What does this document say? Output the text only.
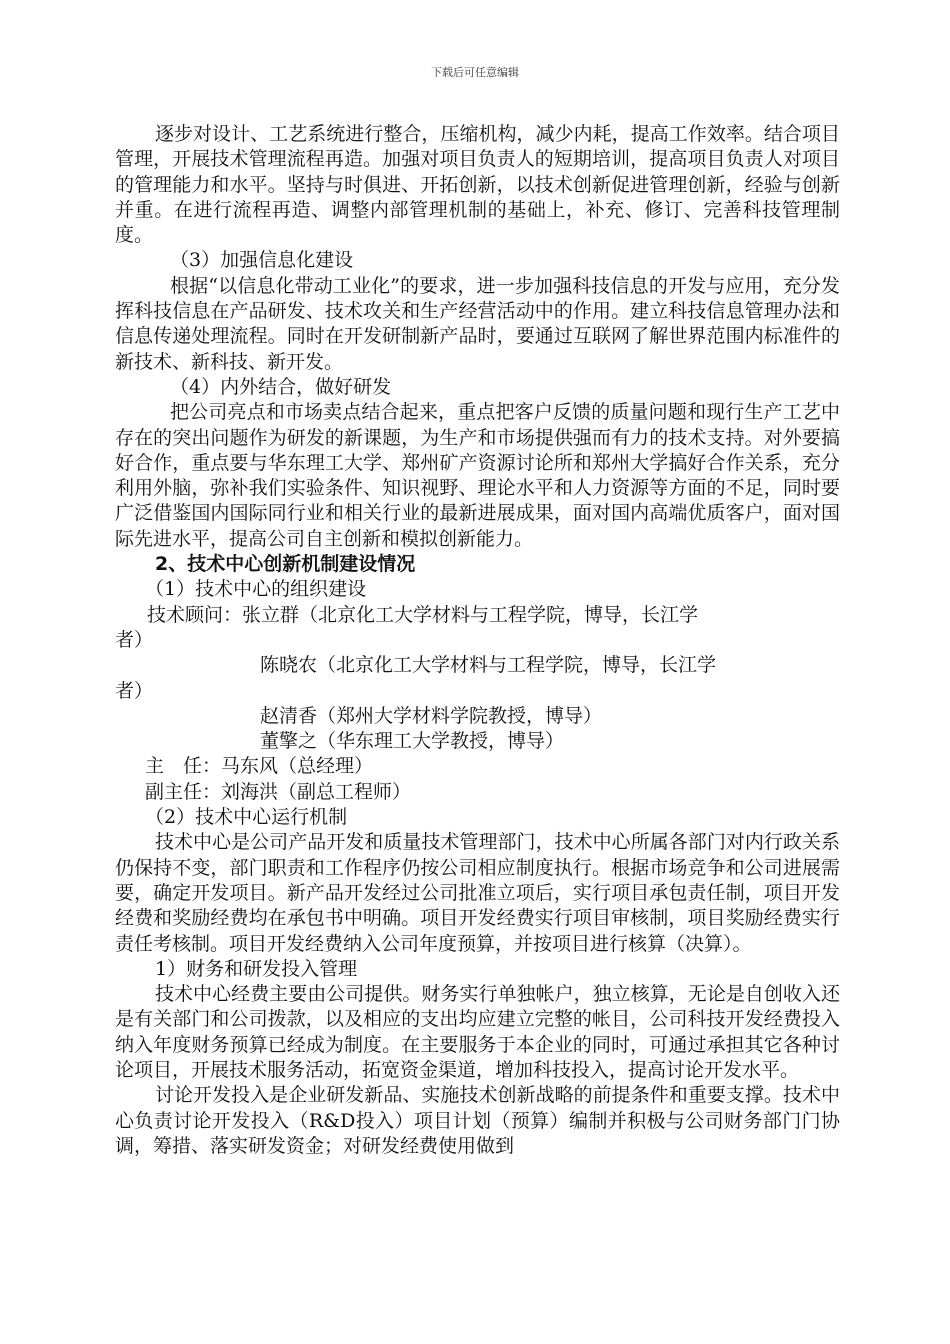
下载后可任意编辑

逐步对设计、工艺系统进行整合，压缩机构，减少内耗，提高工作效率。结合项目管理，开展技术管理流程再造。加强对项目负责人的短期培训，提高项目负责人对项目的管理能力和水平。坚持与时俱进、开拓创新，以技术创新促进管理创新，经验与创新并重。在进行流程再造、调整内部管理机制的基础上，补充、修订、完善科技管理制度。

（3）加强信息化建设

根据“以信息化带动工业化”的要求，进一步加强科技信息的开发与应用，充分发挥科技信息在产品研发、技术攻关和生产经营活动中的作用。建立科技信息管理办法和信息传递处理流程。同时在开发研制新产品时，要通过互联网了解世界范围内标准件的新技术、新科技、新开发。

（4）内外结合，做好研发

把公司亮点和市场卖点结合起来，重点把客户反馈的质量问题和现行生产工艺中存在的突出问题作为研发的新课题，为生产和市场提供强而有力的技术支持。对外要搞好合作，重点要与华东理工大学、郑州矿产资源讨论所和郑州大学搞好合作关系，充分利用外脑，弥补我们实验条件、知识视野、理论水平和人力资源等方面的不足，同时要广泛借鉴国内国际同行业和相关行业的最新进展成果，面对国内高端优质客户，面对国际先进水平，提高公司自主创新和模拟创新能力。

2、技术中心创新机制建设情况

（1）技术中心的组织建设

技术顾问：张立群（北京化工大学材料与工程学院，博导，长江学

者）

陈晓农（北京化工大学材料与工程学院，博导，长江学

者）

赵清香（郑州大学材料学院教授，博导）

董擎之（华东理工大学教授，博导）

主　任：马东风（总经理）

副主任：刘海洪（副总工程师）

（2）技术中心运行机制

技术中心是公司产品开发和质量技术管理部门，技术中心所属各部门对内行政关系仍保持不变，部门职责和工作程序仍按公司相应制度执行。根据市场竞争和公司进展需要，确定开发项目。新产品开发经过公司批准立项后，实行项目承包责任制，项目开发经费和奖励经费均在承包书中明确。项目开发经费实行项目审核制，项目奖励经费实行责任考核制。项目开发经费纳入公司年度预算，并按项目进行核算（决算）。

1）财务和研发投入管理

技术中心经费主要由公司提供。财务实行单独帐户，独立核算，无论是自创收入还是有关部门和公司拨款，以及相应的支出均应建立完整的帐目，公司科技开发经费投入纳入年度财务预算已经成为制度。在主要服务于本企业的同时，可通过承担其它各种讨论项目，开展技术服务活动，拓宽资金渠道，增加科技投入，提高讨论开发水平。

讨论开发投入是企业研发新品、实施技术创新战略的前提条件和重要支撑。技术中心负责讨论开发投入（R&D投入）项目计划（预算）编制并积极与公司财务部门门协调，筹措、落实研发资金；对研发经费使用做到
